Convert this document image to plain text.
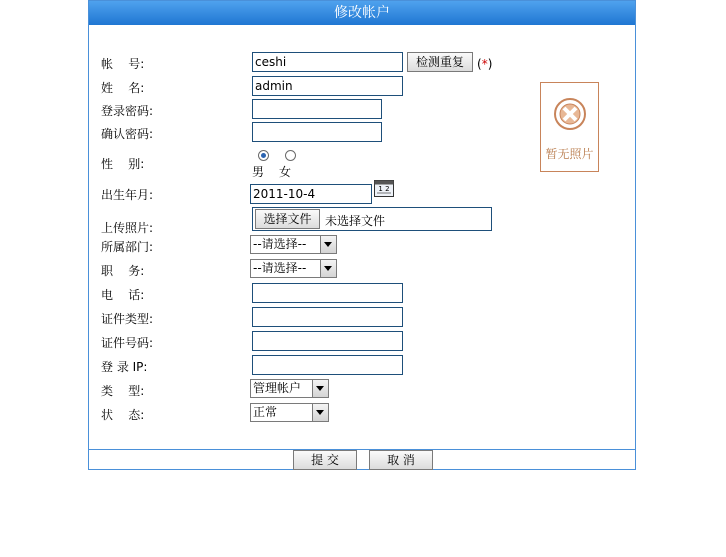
修改帐户
帐    号:
ceshi	检测重复	(*)
姓    名:
admin
登录密码:
确认密码:
性    别:
男 女
出生年月:
2011-10-4	1 2
上传照片:
选择文件	未选择文件
所属部门:	--请选择--
职    务:	--请选择--
电    话:
证件类型:
证件号码:
登 录 IP:
类    型:	管理帐户
状    态:	正常
暂无照片
提 交	取 消
